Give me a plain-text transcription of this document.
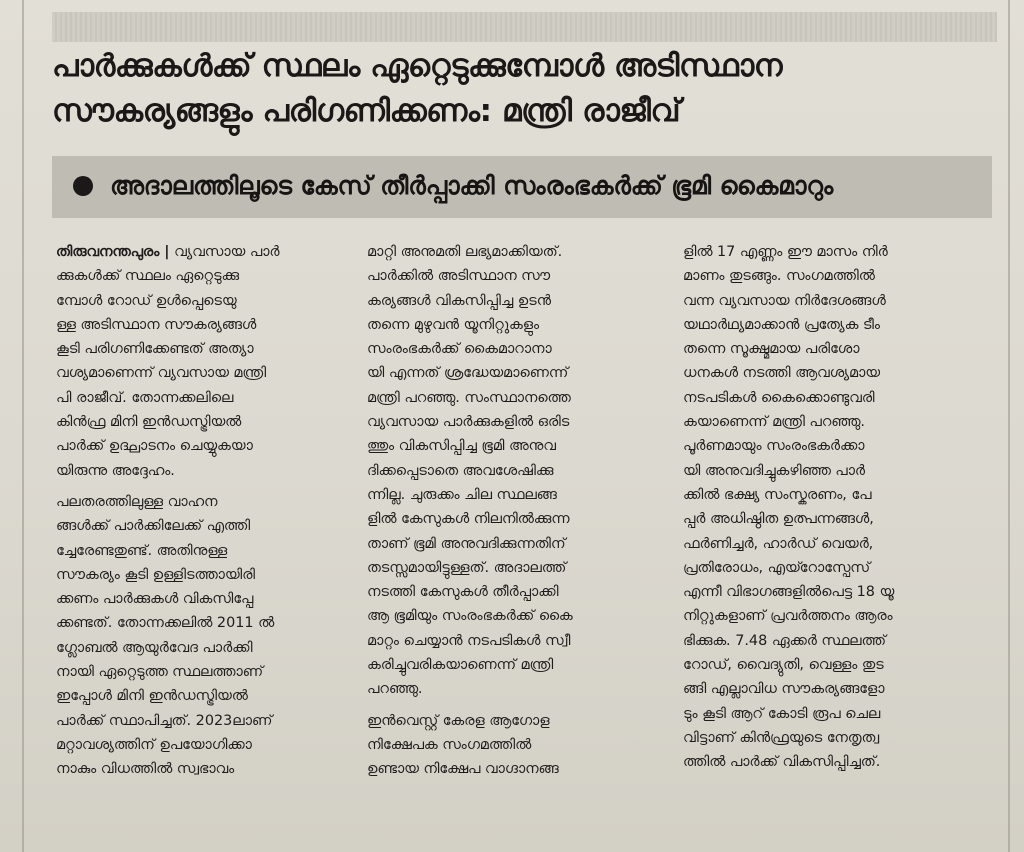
പാർക്കുകൾക്ക് സ്ഥലം ഏറ്റെടുക്കുമ്പോൾ അടിസ്ഥാന
സൗകര്യങ്ങളും പരിഗണിക്കണം: മന്ത്രി രാജീവ്
അദാലത്തിലൂടെ കേസ് തീർപ്പാക്കി സംരംഭകർക്ക് ഭൂമി കൈമാറും
തിരുവനന്തപുരം | വ്യവസായ പാർ
ക്കുകൾക്ക് സ്ഥലം ഏറ്റെടുക്കു
മ്പോൾ റോഡ് ഉൾപ്പെടെയു
ള്ള അടിസ്ഥാന സൗകര്യങ്ങൾ
കൂടി പരിഗണിക്കേണ്ടത് അത്യാ
വശ്യമാണെന്ന് വ്യവസായ മന്ത്രി
പി രാജീവ്. തോന്നക്കലിലെ
കിൻഫ്ര മിനി ഇൻഡസ്ട്രിയൽ
പാർക്ക് ഉദ്ഘാടനം ചെയ്യുകയാ
യിരുന്നു അദ്ദേഹം.
പലതരത്തിലുള്ള വാഹന
ങ്ങൾക്ക് പാർക്കിലേക്ക് എത്തി
ച്ചേരേണ്ടതുണ്ട്. അതിനുള്ള
സൗകര്യം കൂടി ഉള്ളിടത്തായിരി
ക്കണം പാർക്കുകൾ വികസിപ്പേ
ക്കണ്ടത്. തോന്നക്കലിൽ 2011 ൽ
ഗ്ലോബൽ ആയുർവേദ പാർക്കി
നായി ഏറ്റെടുത്ത സ്ഥലത്താണ്
ഇപ്പോൾ മിനി ഇൻഡസ്ട്രിയൽ
പാർക്ക് സ്ഥാപിച്ചത്. 2023ലാണ്
മറ്റാവശ്യത്തിന് ഉപയോഗിക്കാ
നാകും വിധത്തിൽ സ്വഭാവം
മാറ്റി അനുമതി ലഭ്യമാക്കിയത്.
പാർക്കിൽ അടിസ്ഥാന സൗ
കര്യങ്ങൾ വികസിപ്പിച്ച ഉടൻ
തന്നെ മുഴുവൻ യൂനിറ്റുകളും
സംരംഭകർക്ക് കൈമാറാനാ
യി എന്നത് ശ്രദ്ധേയമാണെന്ന്
മന്ത്രി പറഞ്ഞു. സംസ്ഥാനത്തെ
വ്യവസായ പാർക്കുകളിൽ ഒരിട
ത്തും വികസിപ്പിച്ച ഭൂമി അനുവ
ദിക്കപ്പെടാതെ അവശേഷിക്കു
ന്നില്ല. ചുരുക്കം ചില സ്ഥലങ്ങ
ളിൽ കേസുകൾ നിലനിൽക്കുന്ന
താണ് ഭൂമി അനുവദിക്കുന്നതിന്
തടസ്സമായിട്ടുള്ളത്. അദാലത്ത്
നടത്തി കേസുകൾ തീർപ്പാക്കി
ആ ഭൂമിയും സംരംഭകർക്ക് കൈ
മാറ്റം ചെയ്യാൻ നടപടികൾ സ്വീ
കരിച്ചുവരികയാണെന്ന് മന്ത്രി
പറഞ്ഞു.
ഇൻവെസ്റ്റ് കേരള ആഗോള
നിക്ഷേപക സംഗമത്തിൽ
ഉണ്ടായ നിക്ഷേപ വാഗ്ദാനങ്ങ
ളിൽ 17 എണ്ണം ഈ മാസം നിർ
മാണം തുടങ്ങും. സംഗമത്തിൽ
വന്ന വ്യവസായ നിർദേശങ്ങൾ
യഥാർഥ്യമാക്കാൻ പ്രത്യേക ടീം
തന്നെ സൂക്ഷ്മമായ പരിശോ
ധനകൾ നടത്തി ആവശ്യമായ
നടപടികൾ കൈക്കൊണ്ടുവരി
കയാണെന്ന് മന്ത്രി പറഞ്ഞു.
പൂർണമായും സംരംഭകർക്കാ
യി അനുവദിച്ചുകഴിഞ്ഞ പാർ
ക്കിൽ ഭക്ഷ്യ സംസ്കരണം, പേ
പ്പർ അധിഷ്ഠിത ഉത്പന്നങ്ങൾ,
ഫർണിച്ചർ, ഹാർഡ് വെയർ,
പ്രതിരോധം, എയ്റോസ്പേസ്
എന്നീ വിഭാഗങ്ങളിൽപെട്ട 18 യൂ
നിറ്റുകളാണ് പ്രവർത്തനം ആരം
ഭിക്കുക. 7.48 ഏക്കർ സ്ഥലത്ത്
റോഡ്, വൈദ്യുതി, വെള്ളം തുട
ങ്ങി എല്ലാവിധ സൗകര്യങ്ങളോ
ടും കൂടി ആറ് കോടി രൂപ ചെല
വിട്ടാണ് കിൻഫ്രയുടെ നേതൃത്വ
ത്തിൽ പാർക്ക് വികസിപ്പിച്ചത്.
